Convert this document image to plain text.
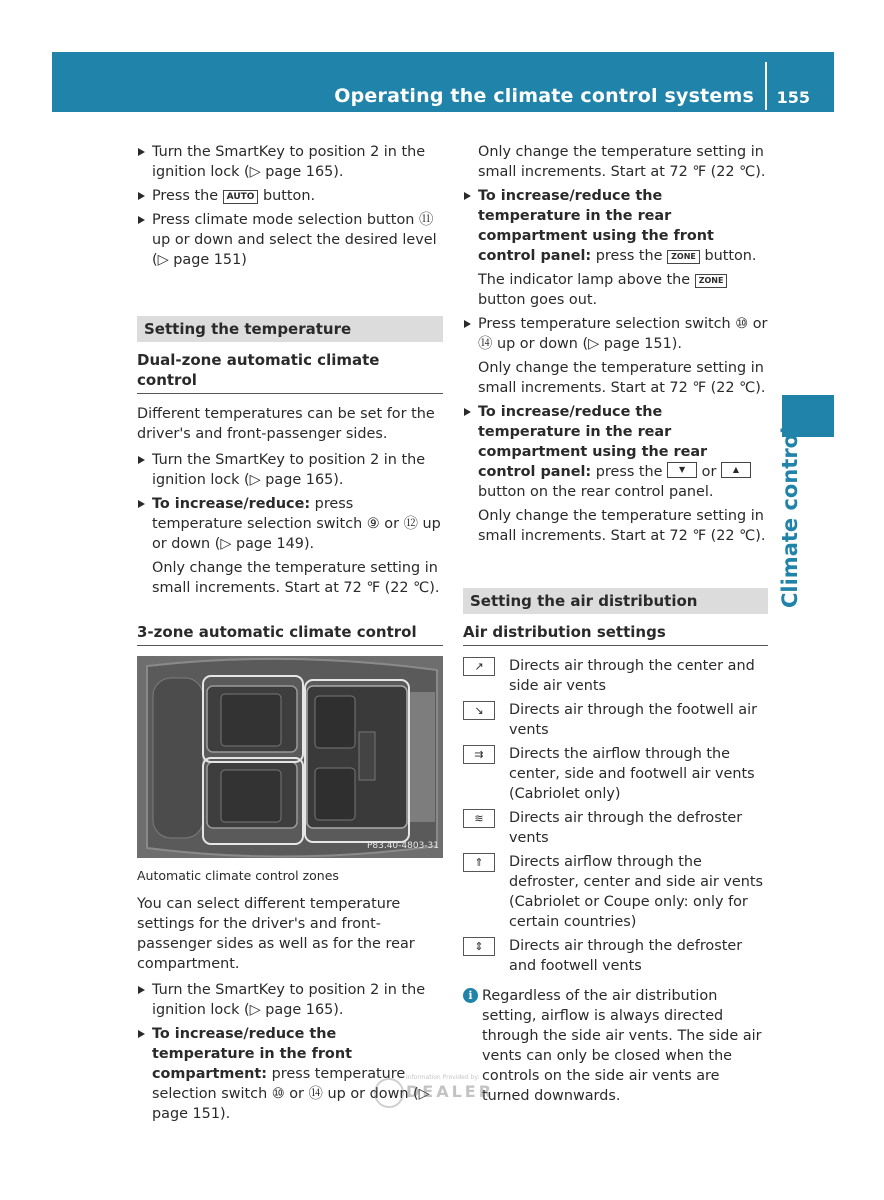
Operating the climate control systems 155
Climate control

Turn the SmartKey to position 2 in the ignition lock (▷ page 165).

Press the AUTO button.

Press climate mode selection button ⑪ up or down and select the desired level (▷ page 151)

Setting the temperature
Dual-zone automatic climate control

Different temperatures can be set for the driver's and front-passenger sides.

Turn the SmartKey to position 2 in the ignition lock (▷ page 165).

To increase/reduce: press temperature selection switch ⑨ or ⑫ up or down (▷ page 149).

Only change the temperature setting in small increments. Start at 72 ℉ (22 ℃).

3-zone automatic climate control
P83.40-4803-31

Automatic climate control zones

You can select different temperature settings for the driver's and front-passenger sides as well as for the rear compartment.

Turn the SmartKey to position 2 in the ignition lock (▷ page 165).

To increase/reduce the temperature in the front compartment: press temperature selection switch ⑩ or ⑭ up or down (▷ page 151).

Only change the temperature setting in small increments. Start at 72 ℉ (22 ℃).

To increase/reduce the temperature in the rear compartment using the front control panel: press the ZONE button.

The indicator lamp above the ZONE button goes out.

Press temperature selection switch ⑩ or ⑭ up or down (▷ page 151).

Only change the temperature setting in small increments. Start at 72 ℉ (22 ℃).

To increase/reduce the temperature in the rear compartment using the rear control panel: press the	▼ or	▲
button on the rear control panel.

Only change the temperature setting in small increments. Start at 72 ℉ (22 ℃).

Setting the air distribution
Air distribution settings
↗	Directs air through the center and side air vents
↘	Directs air through the footwell air vents
⇉	Directs the airflow through the center, side and footwell air vents (Cabriolet only)
≋	Directs air through the defroster vents
⇑	Directs airflow through the defroster, center and side air vents (Cabriolet or Coupe only: only for certain countries)
⇕	Directs air through the defroster and footwell vents
i Regardless of the air distribution setting, airflow is always directed through the side air vents. The side air vents can only be closed when the controls on the side air vents are turned downwards.

Information Provided by:
DEALER
